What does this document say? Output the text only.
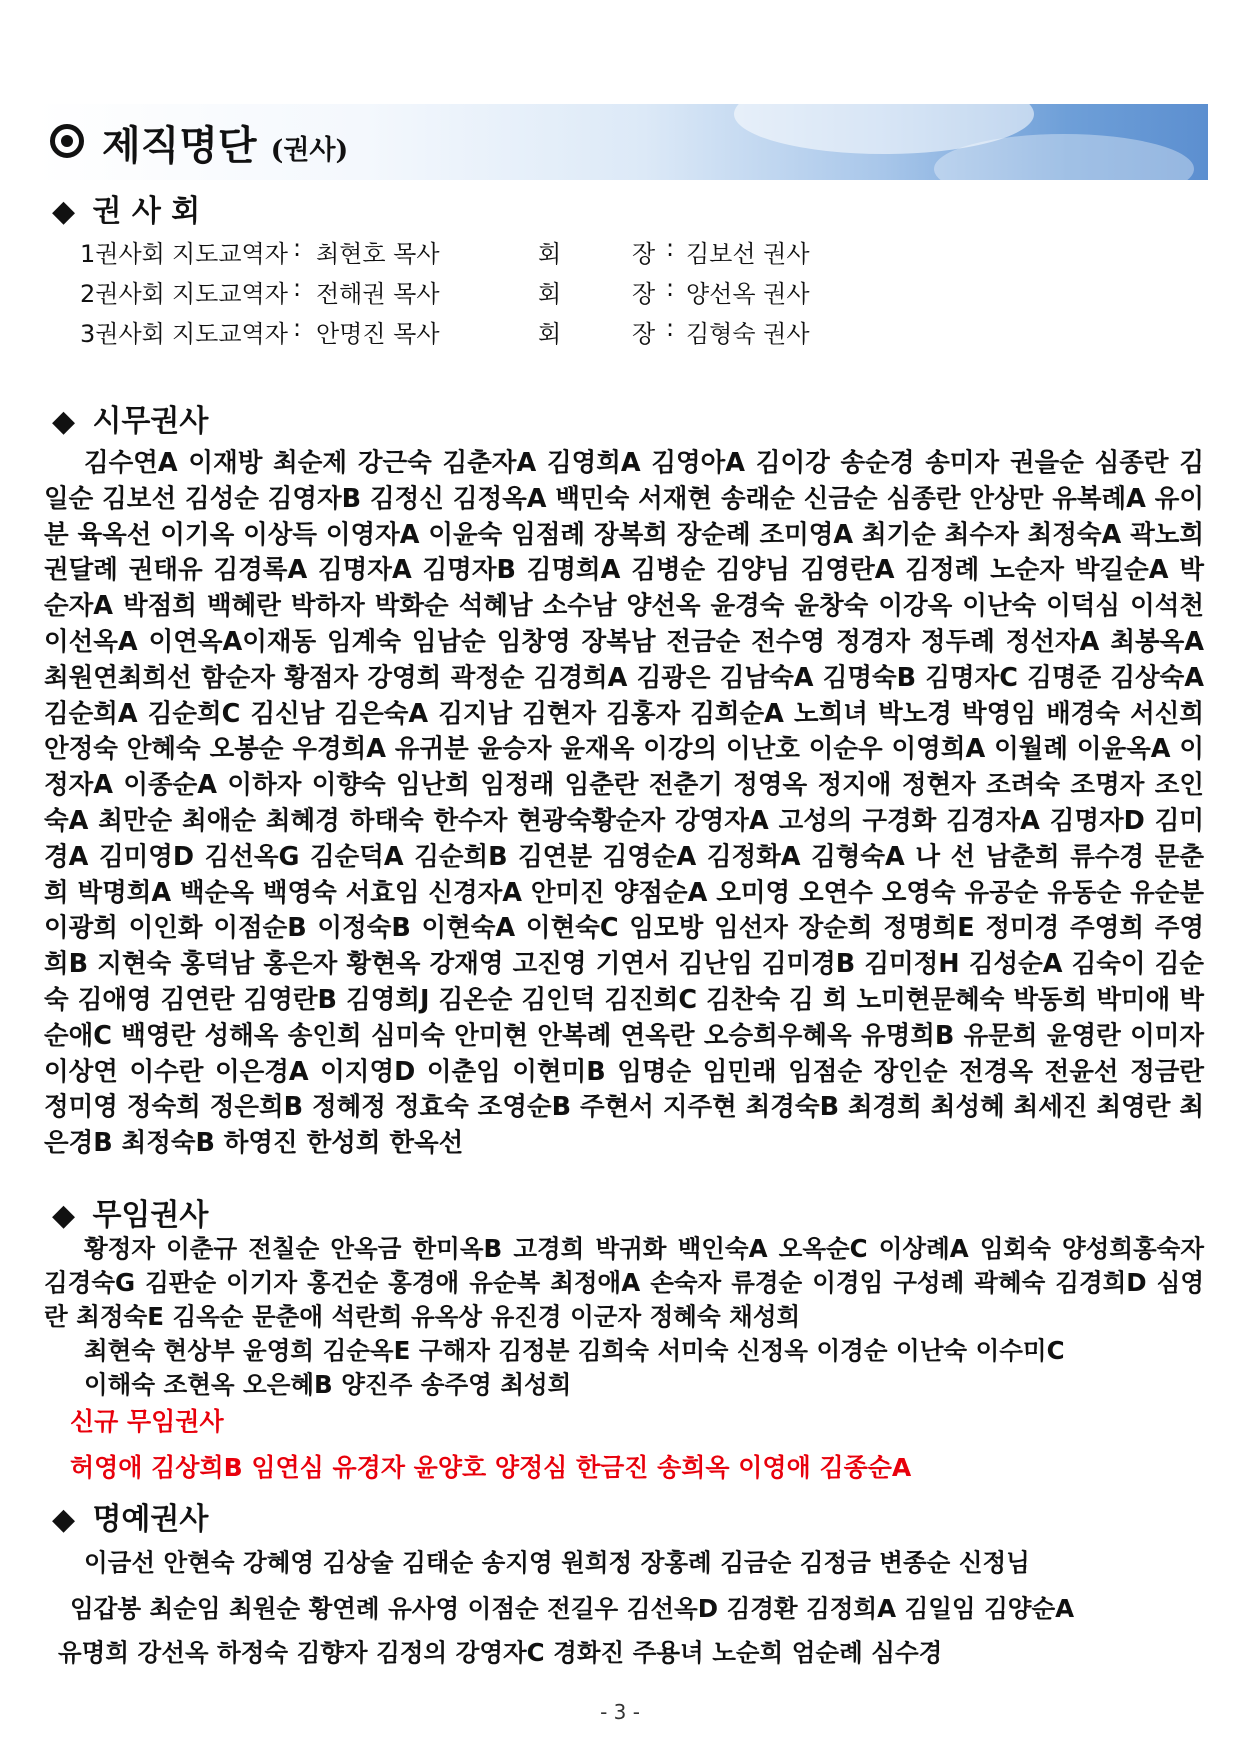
제직명단 (권사)
◆ 권 사 회
1권사회 지도교역자 : 최현호 목사	회	장 : 김보선 권사
2권사회 지도교역자 : 전해권 목사	회	장 : 양선옥 권사
3권사회 지도교역자 : 안명진 목사	회	장 : 김형숙 권사
◆ 시무권사
김수연A 이재방 최순제 강근숙 김춘자A 김영희A 김영아A 김이강 송순경 송미자 권을순 심종란 김일순 김보선 김성순 김영자B 김정신 김정옥A 백민숙 서재현 송래순 신금순 심종란 안상만 유복례A 유이분 육옥선 이기옥 이상득 이영자A 이윤숙 임점례 장복희 장순례 조미영A 최기순 최수자 최정숙A 곽노희 권달례 권태유 김경록A 김명자A 김명자B 김명희A 김병순 김양님 김영란A 김정례 노순자 박길순A 박순자A 박점희 백혜란 박하자 박화순 석혜남 소수남 양선옥 윤경숙 윤창숙 이강옥 이난숙 이덕심 이석천 이선옥A 이연옥A이재동 임계숙 임남순 임창영 장복남 전금순 전수영 정경자 정두례 정선자A 최봉옥A 최원연최희선 함순자 황점자 강영희 곽정순 김경희A 김광은 김남숙A 김명숙B 김명자C 김명준 김상숙A 김순희A 김순희C 김신남 김은숙A 김지남 김현자 김홍자 김희순A 노희녀 박노경 박영임 배경숙 서신희 안정숙 안혜숙 오봉순 우경희A 유귀분 윤승자 윤재옥 이강의 이난호 이순우 이영희A 이월례 이윤옥A 이정자A 이종순A 이하자 이향숙 임난희 임정래 임춘란 전춘기 정영옥 정지애 정현자 조려숙 조명자 조인숙A 최만순 최애순 최혜경 하태숙 한수자 현광숙황순자 강영자A 고성의 구경화 김경자A 김명자D 김미경A 김미영D 김선옥G 김순덕A 김순희B 김연분 김영순A 김정화A 김형숙A 나 선 남춘희 류수경 문춘희 박명희A 백순옥 백영숙 서효임 신경자A 안미진 양점순A 오미영 오연수 오영숙 유공순 유동순 유순분 이광희 이인화 이점순B 이정숙B 이현숙A 이현숙C 임모방 임선자 장순희 정명희E 정미경 주영희 주영희B 지현숙 홍덕남 홍은자 황현옥 강재영 고진영 기연서 김난임 김미경B 김미정H 김성순A 김숙이 김순숙 김애영 김연란 김영란B 김영희J 김온순 김인덕 김진희C 김찬숙 김 희 노미현문혜숙 박동희 박미애 박순애C 백영란 성해옥 송인희 심미숙 안미현 안복례 연옥란 오승희우혜옥 유명희B 유문희 윤영란 이미자 이상연 이수란 이은경A 이지영D 이춘임 이현미B 임명순 임민래 임점순 장인순 전경옥 전윤선 정금란 정미영 정숙희 정은희B 정혜정 정효숙 조영순B 주현서 지주현 최경숙B 최경희 최성혜 최세진 최영란 최은경B 최정숙B 하영진 한성희 한옥선
◆ 무임권사
황정자 이춘규 전칠순 안옥금 한미옥B 고경희 박귀화 백인숙A 오옥순C 이상례A 임회숙 양성희홍숙자 김경숙G 김판순 이기자 홍건순 홍경애 유순복 최정애A 손숙자 류경순 이경임 구성례 곽혜숙 김경희D 심영란 최정숙E 김옥순 문춘애 석란희 유옥상 유진경 이군자 정혜숙 채성희
최현숙 현상부 윤영희 김순옥E 구해자 김정분 김희숙 서미숙 신정옥 이경순 이난숙 이수미C
이해숙 조현옥 오은혜B 양진주 송주영 최성희
신규 무임권사
허영애 김상희B 임연심 유경자 윤양호 양정심 한금진 송희옥 이영애 김종순A
◆ 명예권사
이금선 안현숙 강혜영 김상술 김태순 송지영 원희정 장홍례 김금순 김정금 변종순 신정님
임갑봉 최순임 최원순 황연례 유사영 이점순 전길우 김선옥D 김경환 김정희A 김일임 김양순A
유명희 강선옥 하정숙 김향자 김정의 강영자C 경화진 주용녀 노순희 엄순례 심수경
- 3 -
